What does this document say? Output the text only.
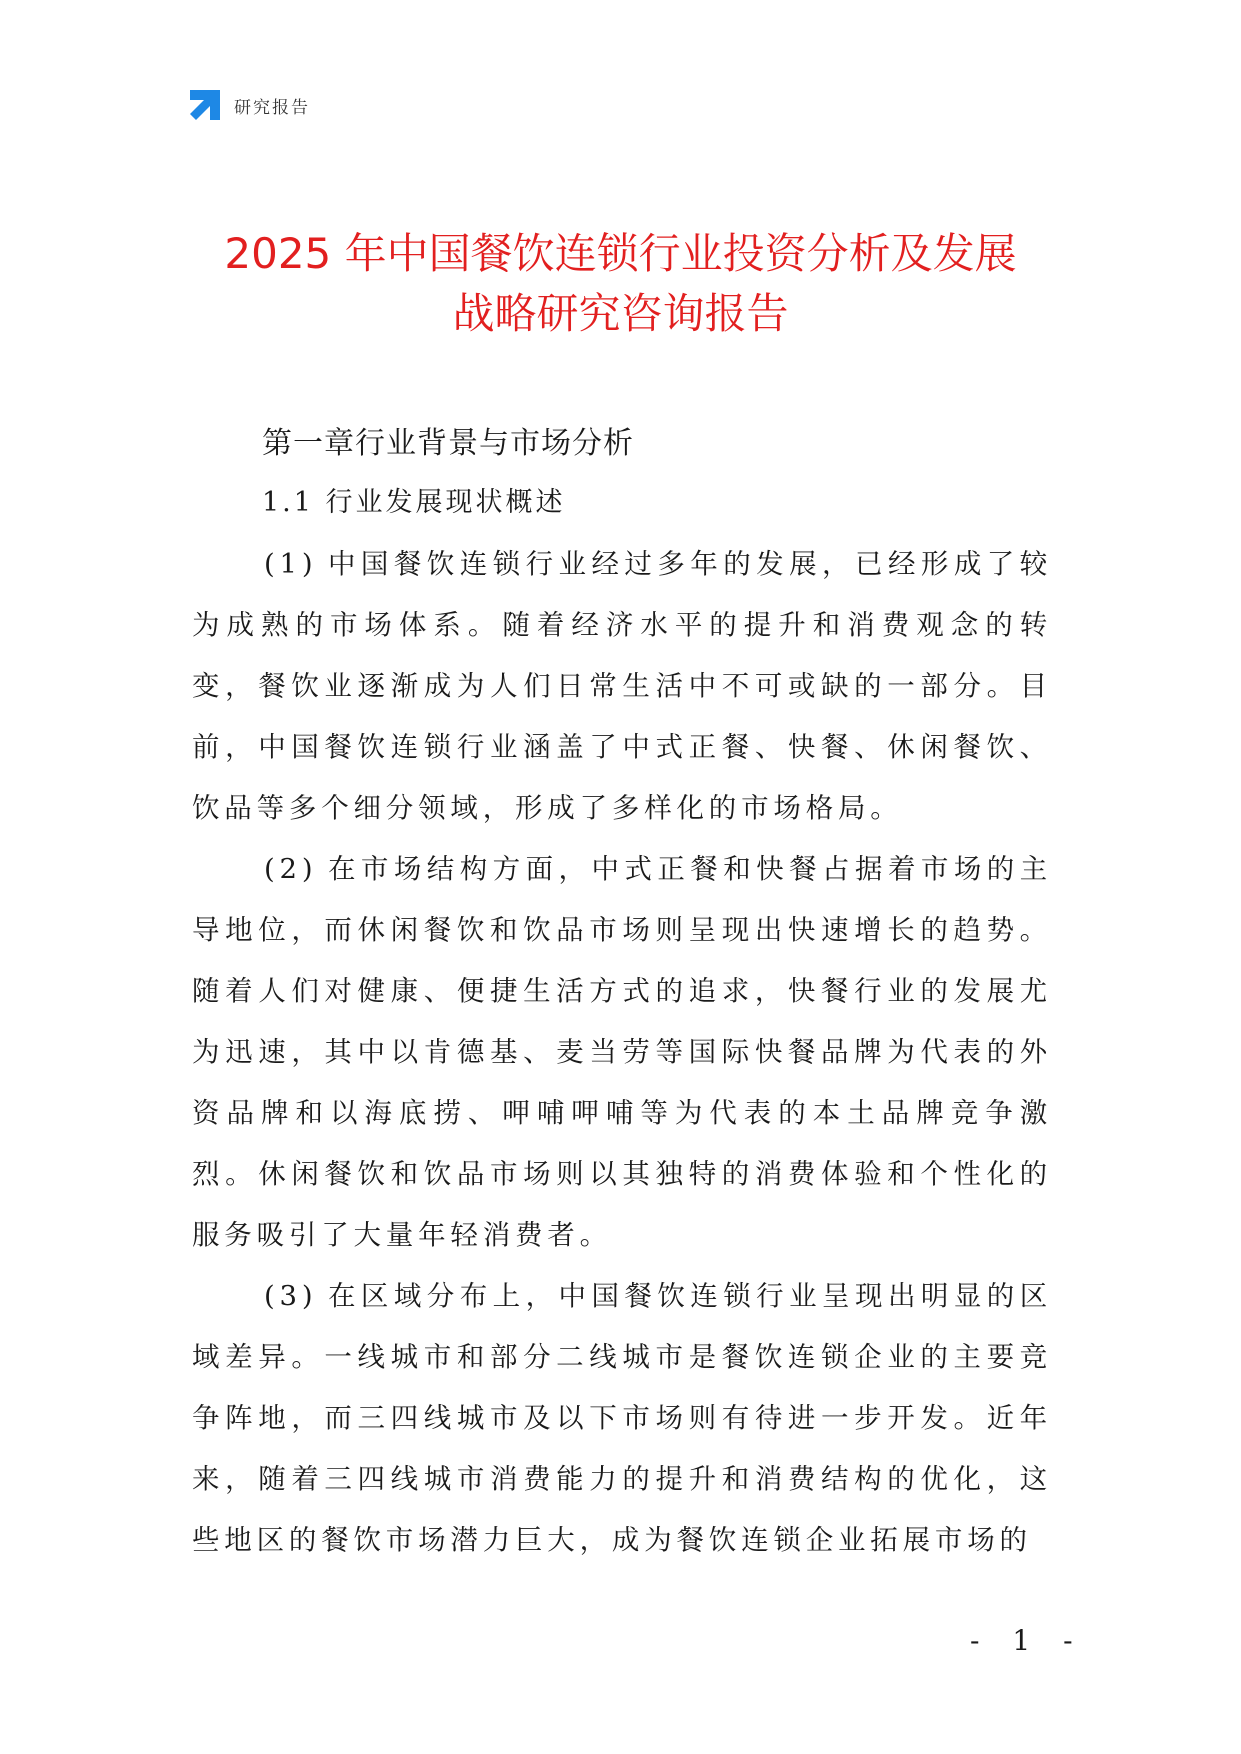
研究报告
2025 年中国餐饮连锁行业投资分析及发展
战略研究咨询报告
第一章行业背景与市场分析
1.1 行业发展现状概述

(1) 中国餐饮连锁行业经过多年的发展，已经形成了较为成熟的市场体系。随着经济水平的提升和消费观念的转变，餐饮业逐渐成为人们日常生活中不可或缺的一部分。目前，中国餐饮连锁行业涵盖了中式正餐、快餐、休闲餐饮、饮品等多个细分领域，形成了多样化的市场格局。

(2) 在市场结构方面，中式正餐和快餐占据着市场的主导地位，而休闲餐饮和饮品市场则呈现出快速增长的趋势。随着人们对健康、便捷生活方式的追求，快餐行业的发展尤为迅速，其中以肯德基、麦当劳等国际快餐品牌为代表的外资品牌和以海底捞、呷哺呷哺等为代表的本土品牌竞争激烈。休闲餐饮和饮品市场则以其独特的消费体验和个性化的服务吸引了大量年轻消费者。

(3) 在区域分布上，中国餐饮连锁行业呈现出明显的区域差异。一线城市和部分二线城市是餐饮连锁企业的主要竞争阵地，而三四线城市及以下市场则有待进一步开发。近年来，随着三四线城市消费能力的提升和消费结构的优化，这些地区的餐饮市场潜力巨大，成为餐饮连锁企业拓展市场的

- 1 -
